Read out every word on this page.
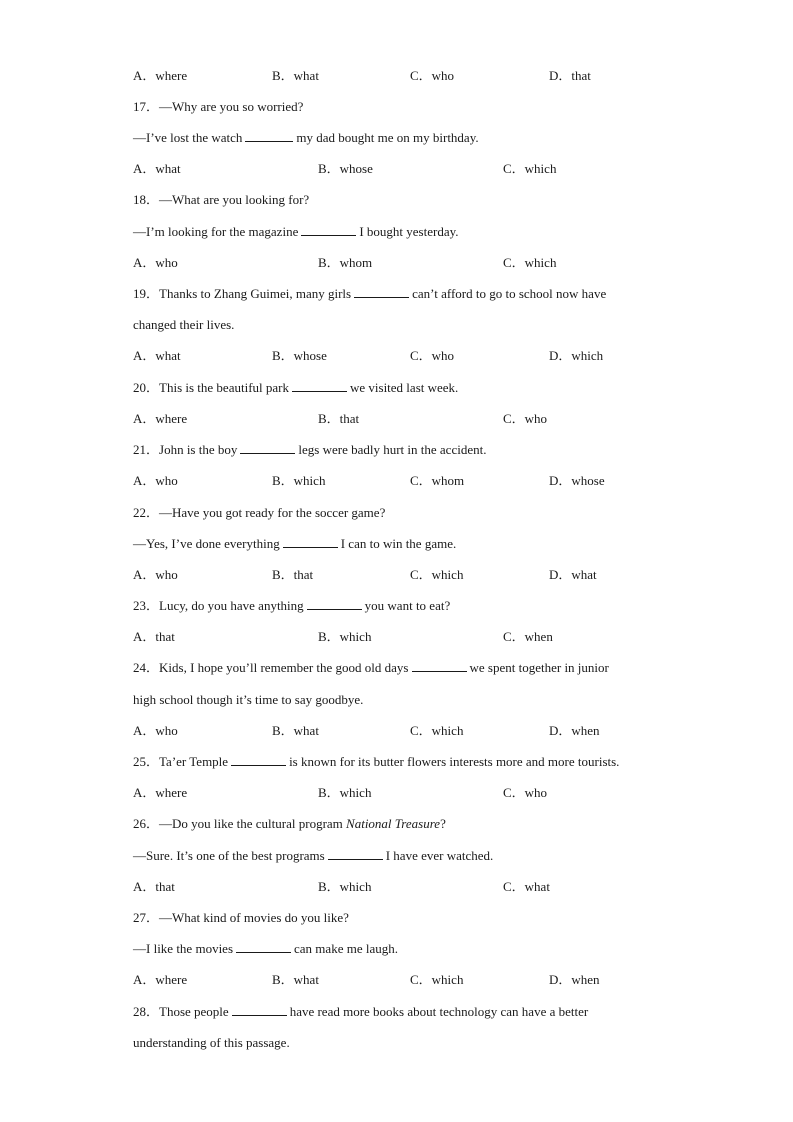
A．where	B．what	C．who	D．that
17．—Why are you so worried?
—I’ve lost the watch	my dad bought me on my birthday.
A．what	B．whose	C．which
18．—What are you looking for?
—I’m looking for the magazine	I bought yesterday.
A．who	B．whom	C．which
19．Thanks to Zhang Guimei, many girls	can’t afford to go to school now have
changed their lives.
A．what	B．whose	C．who	D．which
20．This is the beautiful park	we visited last week.
A．where	B．that	C．who
21．John is the boy	legs were badly hurt in the accident.
A．who	B．which	C．whom	D．whose
22．—Have you got ready for the soccer game?
—Yes, I’ve done everything	I can to win the game.
A．who	B．that	C．which	D．what
23．Lucy, do you have anything	you want to eat?
A．that	B．which	C．when
24．Kids, I hope you’ll remember the good old days	we spent together in junior
high school though it’s time to say goodbye.
A．who	B．what	C．which	D．when
25．Ta’er Temple	is known for its butter flowers interests more and more tourists.
A．where	B．which	C．who
26．—Do you like the cultural program National Treasure?
—Sure. It’s one of the best programs	I have ever watched.
A．that	B．which	C．what
27．—What kind of movies do you like?
—I like the movies	can make me laugh.
A．where	B．what	C．which	D．when
28．Those people	have read more books about technology can have a better
understanding of this passage.
